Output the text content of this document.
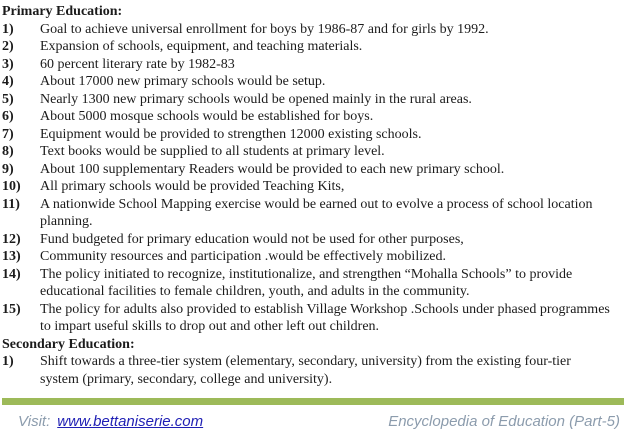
Primary Education:
1)	Goal to achieve universal enrollment for boys by 1986-87 and for girls by 1992.
2)	Expansion of schools, equipment, and teaching materials.
3)	60 percent literary rate by 1982-83
4)	About 17000 new primary schools would be setup.
5)	Nearly 1300 new primary schools would be opened mainly in the rural areas.
6)	About 5000 mosque schools would be established for boys.
7)	Equipment would be provided to strengthen 12000 existing schools.
8)	Text books would be supplied to all students at primary level.
9)	About 100 supplementary Readers would be provided to each new primary school.
10)	All primary schools would be provided Teaching Kits,
11)	A nationwide School Mapping exercise would be earned out to evolve a process of school location planning.
12)	Fund budgeted for primary education would not be used for other purposes,
13)	Community resources and participation .would be effectively mobilized.
14)	The policy initiated to recognize, institutionalize, and strengthen “Mohalla Schools” to provide educational facilities to female children, youth, and adults in the community.
15)	The policy for adults also provided to establish Village Workshop .Schools under phased programmes to impart useful skills to drop out and other left out children.
Secondary Education:
1)	Shift towards a three-tier system (elementary, secondary, university) from the existing four-tier system (primary, secondary, college and university).
Visit: www.bettaniserie.com	Encyclopedia of Education (Part-5)
